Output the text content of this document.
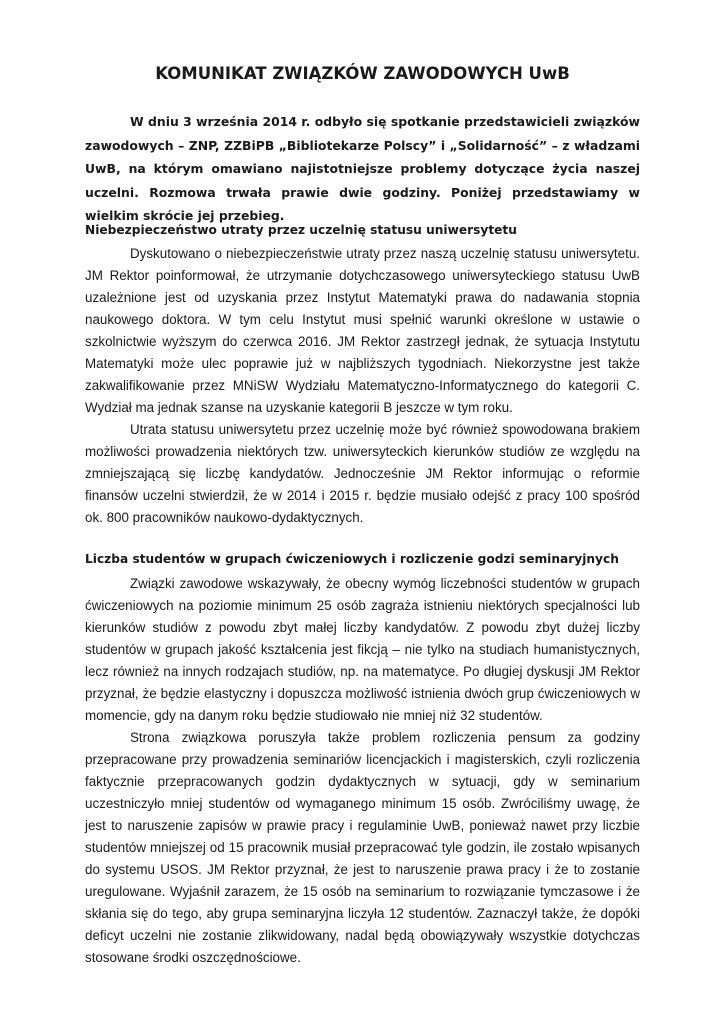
KOMUNIKAT ZWIĄZKÓW ZAWODOWYCH UwB

W dniu 3 września 2014 r. odbyło się spotkanie przedstawicieli związków zawodowych – ZNP, ZZBiPB „Bibliotekarze Polscy” i „Solidarność” – z władzami UwB, na którym omawiano najistotniejsze problemy dotyczące życia naszej uczelni. Rozmowa trwała prawie dwie godziny. Poniżej przedstawiamy w wielkim skrócie jej przebieg.

Niebezpieczeństwo utraty przez uczelnię statusu uniwersytetu

Dyskutowano o niebezpieczeństwie utraty przez naszą uczelnię statusu uniwersytetu. JM Rektor poinformował, że utrzymanie dotychczasowego uniwersyteckiego statusu UwB uzależnione jest od uzyskania przez Instytut Matematyki prawa do nadawania stopnia naukowego doktora. W tym celu Instytut musi spełnić warunki określone w ustawie o szkolnictwie wyższym do czerwca 2016. JM Rektor zastrzegł jednak, że sytuacja Instytutu Matematyki może ulec poprawie już w najbliższych tygodniach. Niekorzystne jest także zakwalifikowanie przez MNiSW Wydziału Matematyczno-Informatycznego do kategorii C. Wydział ma jednak szanse na uzyskanie kategorii B jeszcze w tym roku.

Utrata statusu uniwersytetu przez uczelnię może być również spowodowana brakiem możliwości prowadzenia niektórych tzw. uniwersyteckich kierunków studiów ze względu na zmniejszającą się liczbę kandydatów. Jednocześnie JM Rektor informując o reformie finansów uczelni stwierdził, że w 2014 i 2015 r. będzie musiało odejść z pracy 100 spośród ok. 800 pracowników naukowo-dydaktycznych.

Liczba studentów w grupach ćwiczeniowych i rozliczenie godzi seminaryjnych

Związki zawodowe wskazywały, że obecny wymóg liczebności studentów w grupach ćwiczeniowych na poziomie minimum 25 osób zagraża istnieniu niektórych specjalności lub kierunków studiów z powodu zbyt małej liczby kandydatów. Z powodu zbyt dużej liczby studentów w grupach jakość kształcenia jest fikcją – nie tylko na studiach humanistycznych, lecz również na innych rodzajach studiów, np. na matematyce. Po długiej dyskusji JM Rektor przyznał, że będzie elastyczny i dopuszcza możliwość istnienia dwóch grup ćwiczeniowych w momencie, gdy na danym roku będzie studiowało nie mniej niż 32 studentów.

Strona związkowa poruszyła także problem rozliczenia pensum za godziny przepracowane przy prowadzenia seminariów licencjackich i magisterskich, czyli rozliczenia faktycznie przepracowanych godzin dydaktycznych w sytuacji, gdy w seminarium uczestniczyło mniej studentów od wymaganego minimum 15 osób. Zwróciliśmy uwagę, że jest to naruszenie zapisów w prawie pracy i regulaminie UwB, ponieważ nawet przy liczbie studentów mniejszej od 15 pracownik musiał przepracować tyle godzin, ile zostało wpisanych do systemu USOS. JM Rektor przyznał, że jest to naruszenie prawa pracy i że to zostanie uregulowane. Wyjaśnił zarazem, że 15 osób na seminarium to rozwiązanie tymczasowe i że skłania się do tego, aby grupa seminaryjna liczyła 12 studentów. Zaznaczył także, że dopóki deficyt uczelni nie zostanie zlikwidowany, nadal będą obowiązywały wszystkie dotychczas stosowane środki oszczędnościowe.
